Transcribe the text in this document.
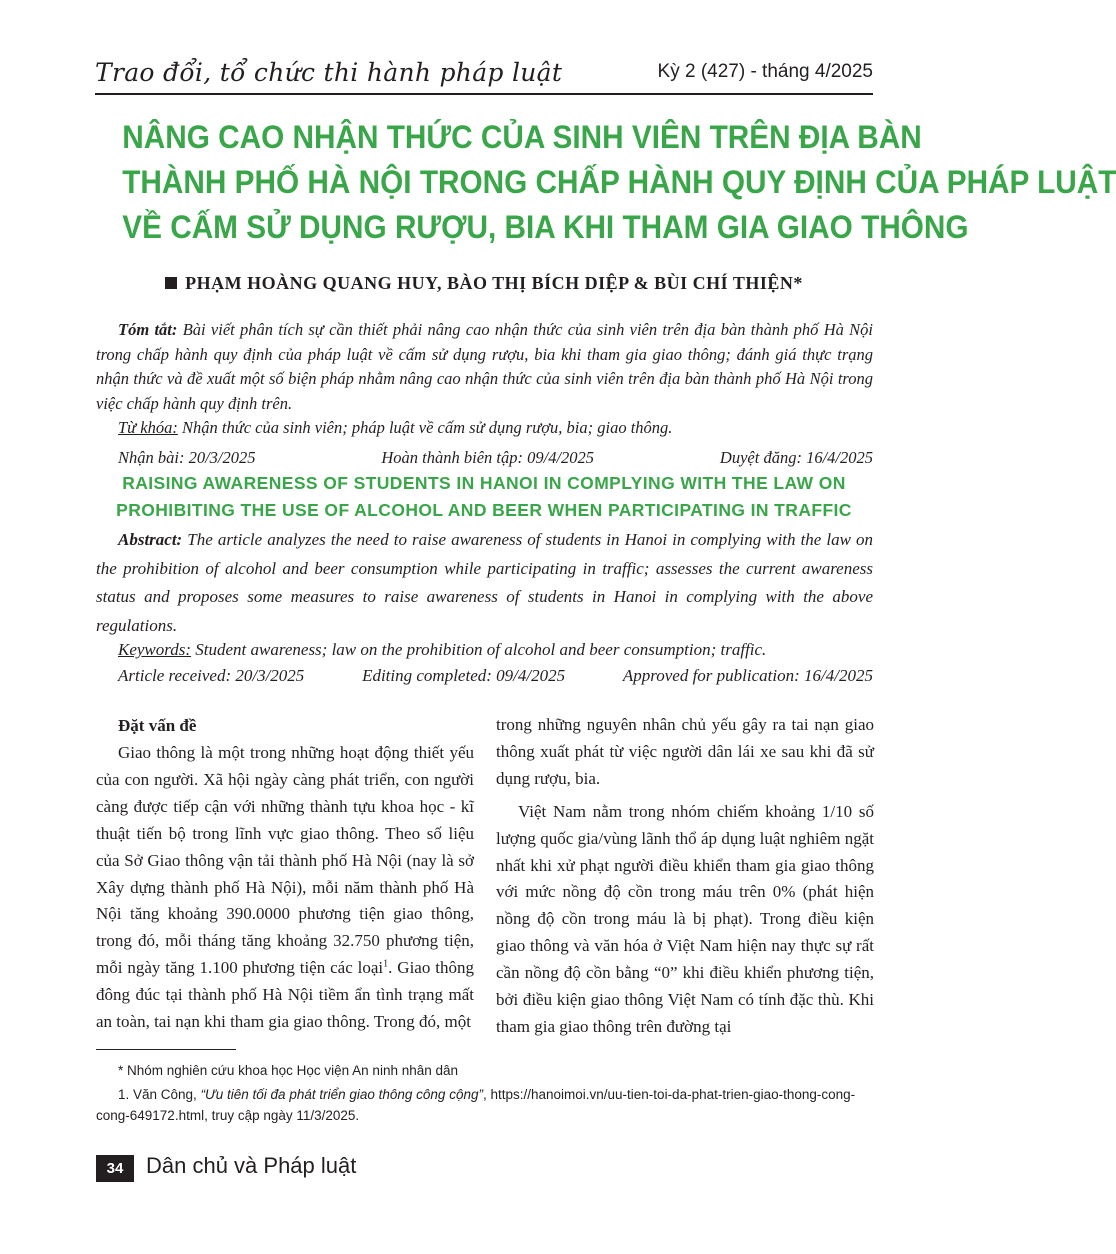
Trao đổi, tổ chức thi hành pháp luật	Kỳ 2 (427) - tháng 4/2025
NÂNG CAO NHẬN THỨC CỦA SINH VIÊN TRÊN ĐỊA BÀN
THÀNH PHỐ HÀ NỘI TRONG CHẤP HÀNH QUY ĐỊNH CỦA PHÁP LUẬT
VỀ CẤM SỬ DỤNG RƯỢU, BIA KHI THAM GIA GIAO THÔNG
PHẠM HOÀNG QUANG HUY, BÀO THỊ BÍCH DIỆP & BÙI CHÍ THIỆN*
Tóm tắt: Bài viết phân tích sự cần thiết phải nâng cao nhận thức của sinh viên trên địa bàn thành phố Hà Nội trong chấp hành quy định của pháp luật về cấm sử dụng rượu, bia khi tham gia giao thông; đánh giá thực trạng nhận thức và đề xuất một số biện pháp nhằm nâng cao nhận thức của sinh viên trên địa bàn thành phố Hà Nội trong việc chấp hành quy định trên.
Từ khóa: Nhận thức của sinh viên; pháp luật về cấm sử dụng rượu, bia; giao thông.
Nhận bài: 20/3/2025	Hoàn thành biên tập: 09/4/2025	Duyệt đăng: 16/4/2025
RAISING AWARENESS OF STUDENTS IN HANOI IN COMPLYING WITH THE LAW ON
PROHIBITING THE USE OF ALCOHOL AND BEER WHEN PARTICIPATING IN TRAFFIC
Abstract: The article analyzes the need to raise awareness of students in Hanoi in complying with the law on the prohibition of alcohol and beer consumption while participating in traffic; assesses the current awareness status and proposes some measures to raise awareness of students in Hanoi in complying with the above regulations.
Keywords: Student awareness; law on the prohibition of alcohol and beer consumption; traffic.
Article received: 20/3/2025	Editing completed: 09/4/2025	Approved for publication: 16/4/2025
Đặt vấn đề

Giao thông là một trong những hoạt động thiết yếu của con người. Xã hội ngày càng phát triển, con người càng được tiếp cận với những thành tựu khoa học - kĩ thuật tiến bộ trong lĩnh vực giao thông. Theo số liệu của Sở Giao thông vận tải thành phố Hà Nội (nay là sở Xây dựng thành phố Hà Nội), mỗi năm thành phố Hà Nội tăng khoảng 390.0000 phương tiện giao thông, trong đó, mỗi tháng tăng khoảng 32.750 phương tiện, mỗi ngày tăng 1.100 phương tiện các loại$^1$. Giao thông đông đúc tại thành phố Hà Nội tiềm ẩn tình trạng mất an toàn, tai nạn khi tham gia giao thông. Trong đó, một

trong những nguyên nhân chủ yếu gây ra tai nạn giao thông xuất phát từ việc người dân lái xe sau khi đã sử dụng rượu, bia.

Việt Nam nằm trong nhóm chiếm khoảng 1/10 số lượng quốc gia/vùng lãnh thổ áp dụng luật nghiêm ngặt nhất khi xử phạt người điều khiển tham gia giao thông với mức nồng độ cồn trong máu trên 0% (phát hiện nồng độ cồn trong máu là bị phạt). Trong điều kiện giao thông và văn hóa ở Việt Nam hiện nay thực sự rất cần nồng độ cồn bằng “0” khi điều khiển phương tiện, bởi điều kiện giao thông Việt Nam có tính đặc thù. Khi tham gia giao thông trên đường tại

* Nhóm nghiên cứu khoa học Học viện An ninh nhân dân
1. Văn Công, “Ưu tiên tối đa phát triển giao thông công cộng”, https://hanoimoi.vn/uu-tien-toi-da-phat-trien-giao-thong-cong-cong-649172.html, truy cập ngày 11/3/2025.
34	Dân chủ và Pháp luật
